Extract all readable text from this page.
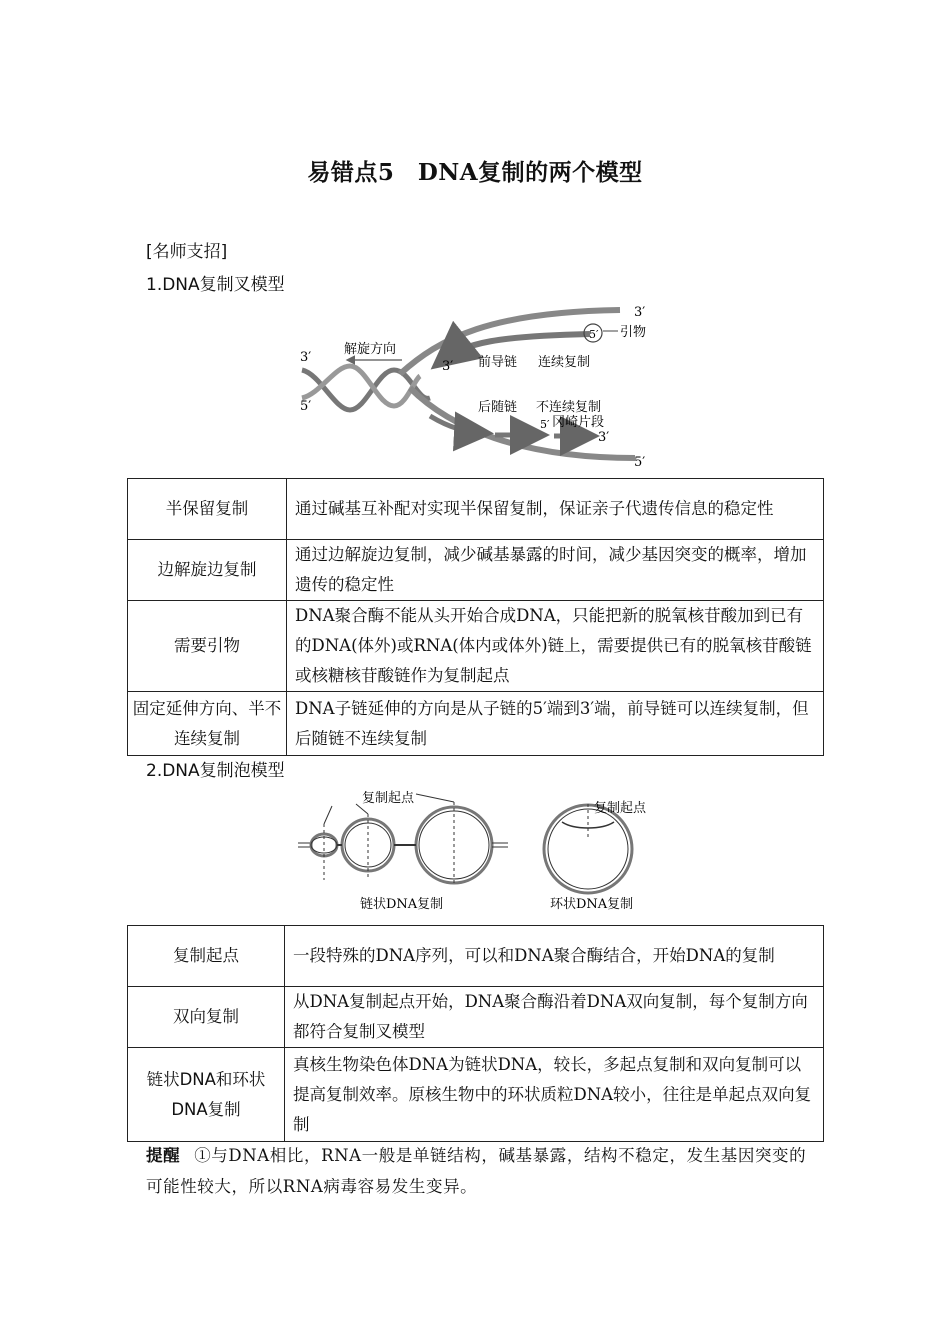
易错点5　DNA复制的两个模型
[名师支招]
1.DNA复制叉模型
5′
解旋方向
引物
3′
3′
5′
3′ 前导链 连续复制
后随链 不连续复制
5′ 冈崎片段
3′
5′
半保留复制	通过碱基互补配对实现半保留复制，保证亲子代遗传信息的稳定性
边解旋边复制	通过边解旋边复制，减少碱基暴露的时间，减少基因突变的概率，增加遗传的稳定性
需要引物	DNA聚合酶不能从头开始合成DNA，只能把新的脱氧核苷酸加到已有的DNA(体外)或RNA(体内或体外)链上，需要提供已有的脱氧核苷酸链或核糖核苷酸链作为复制起点
固定延伸方向、半不连续复制	DNA子链延伸的方向是从子链的5′端到3′端，前导链可以连续复制，但后随链不连续复制
2.DNA复制泡模型
复制起点
复制起点
链状DNA复制	环状DNA复制
复制起点	一段特殊的DNA序列，可以和DNA聚合酶结合，开始DNA的复制
双向复制	从DNA复制起点开始，DNA聚合酶沿着DNA双向复制，每个复制方向都符合复制叉模型
链状DNA和环状DNA复制	真核生物染色体DNA为链状DNA，较长，多起点复制和双向复制可以提高复制效率。原核生物中的环状质粒DNA较小，往往是单起点双向复制
提醒 ①与DNA相比，RNA一般是单链结构，碱基暴露，结构不稳定，发生基因突变的可能性较大，所以RNA病毒容易发生变异。
